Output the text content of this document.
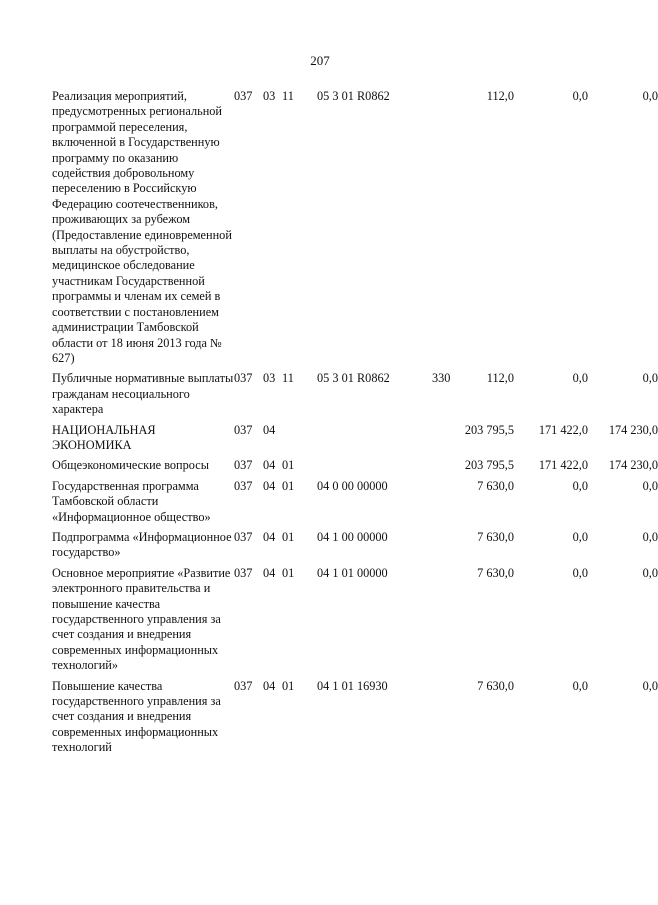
207
Реализация мероприятий, предусмотренных региональной программой переселения, включенной в Государственную программу по оказанию содействия добровольному переселению в Российскую Федерацию соотечественников, проживающих за рубежом (Предоставление единовременной выплаты на обустройство, медицинское обследование участникам Государственной программы и членам их семей в соответствии с постановлением администрации Тамбовской области от 18 июня 2013 года № 627)	037	03	11	05 3 01 R0862		112,0	0,0	0,0
Публичные нормативные выплаты гражданам несоциального характера	037	03	11	05 3 01 R0862	330	112,0	0,0	0,0
НАЦИОНАЛЬНАЯ ЭКОНОМИКА	037	04				203 795,5	171 422,0	174 230,0
Общеэкономические вопросы	037	04	01			203 795,5	171 422,0	174 230,0
Государственная программа Тамбовской области «Информационное общество»	037	04	01	04 0 00 00000		7 630,0	0,0	0,0
Подпрограмма «Информационное государство»	037	04	01	04 1 00 00000		7 630,0	0,0	0,0
Основное мероприятие «Развитие электронного правительства и повышение качества государственного управления за счет создания и внедрения современных информационных технологий»	037	04	01	04 1 01 00000		7 630,0	0,0	0,0
Повышение качества государственного управления за счет создания и внедрения современных информационных технологий	037	04	01	04 1 01 16930		7 630,0	0,0	0,0
